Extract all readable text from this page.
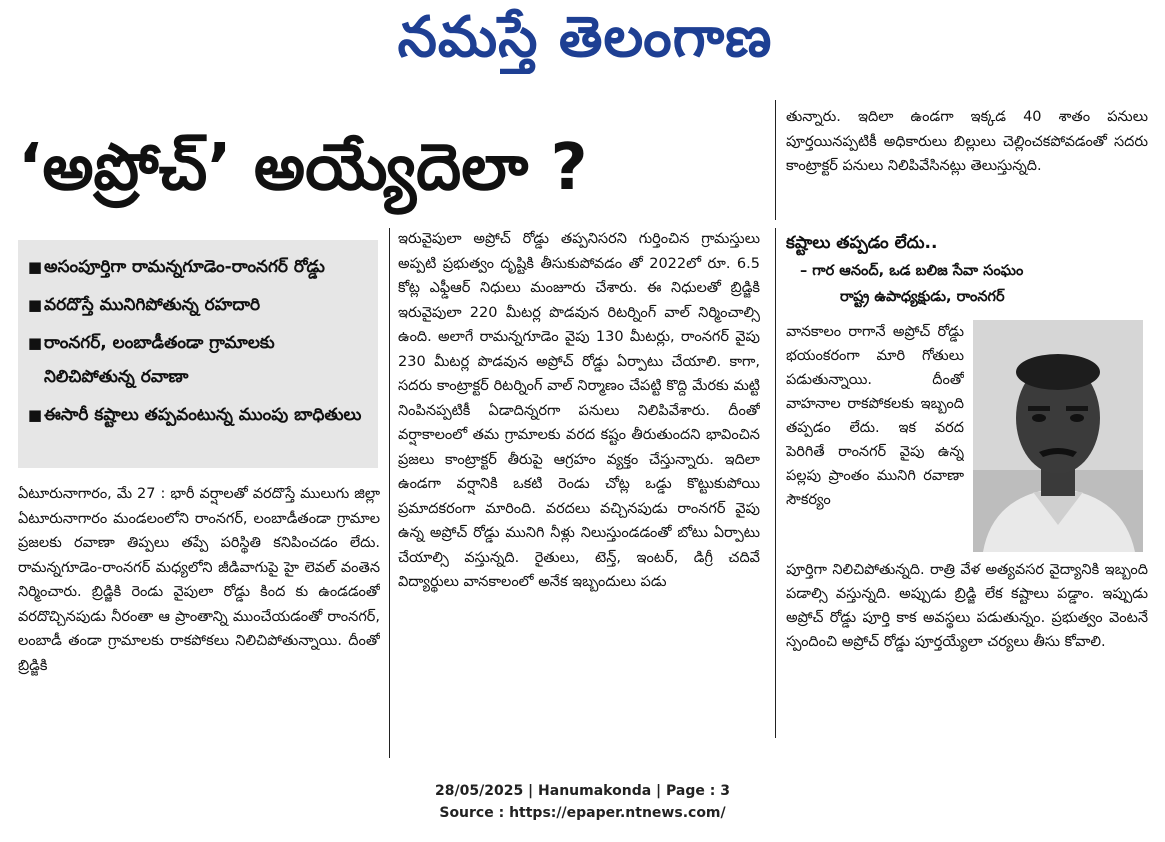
నమస్తే తెలంగాణ
‘అప్రోచ్’ అయ్యేదెలా ?
■ అసంపూర్తిగా రామన్నగూడెం-రాంనగర్ రోడ్డు
■ వరదొస్తే మునిగిపోతున్న రహదారి
■ రాంనగర్, లంబాడీతండా గ్రామాలకు నిలిచిపోతున్న రవాణా
■ ఈసారీ కష్టాలు తప్పవంటున్న ముంపు బాధితులు
ఏటూరునాగారం, మే 27 : భారీ వర్షాలతో వరదొస్తే ములుగు జిల్లా ఏటూరునాగారం మండలంలోని రాంనగర్, లంబాడీతండా గ్రామాల ప్రజలకు రవాణా తిప్పలు తప్పే పరిస్థితి కనిపించడం లేదు. రామన్నగూడెం-రాంనగర్ మధ్యలోని జీడివాగుపై హై లెవల్ వంతెన నిర్మించారు. బ్రిడ్జికి రెండు వైపులా రోడ్డు కింద కు ఉండడంతో వరదొచ్చినపుడు నీరంతా ఆ ప్రాంతాన్ని ముంచేయడంతో రాంనగర్, లంబాడీ తండా గ్రామాలకు రాకపోకలు నిలిచిపోతున్నాయి. దీంతో బ్రిడ్జికి
ఇరువైపులా అప్రోచ్ రోడ్డు తప్పనిసరని గుర్తించిన గ్రామస్తులు అప్పటి ప్రభుత్వం దృష్టికి తీసుకుపోవడం తో 2022లో రూ. 6.5 కోట్ల ఎఫ్డీఆర్ నిధులు మంజూరు చేశారు. ఈ నిధులతో బ్రిడ్జికి ఇరువైపులా 220 మీటర్ల పొడవున రిటర్నింగ్ వాల్ నిర్మించాల్సి ఉంది. అలాగే రామన్నగూడెం వైపు 130 మీటర్లు, రాంనగర్ వైపు 230 మీటర్ల పొడవున అప్రోచ్ రోడ్డు ఏర్పాటు చేయాలి. కాగా, సదరు కాంట్రాక్టర్ రిటర్నింగ్ వాల్ నిర్మాణం చేపట్టి కొద్ది మేరకు మట్టి నింపినప్పటికీ ఏడాదిన్నరగా పనులు నిలిపివేశారు. దీంతో వర్షాకాలంలో తమ గ్రామాలకు వరద కష్టం తీరుతుందని భావించిన ప్రజలు కాంట్రాక్టర్ తీరుపై ఆగ్రహం వ్యక్తం చేస్తున్నారు. ఇదిలా ఉండగా వర్షానికి ఒకటి రెండు చోట్ల ఒడ్డు కొట్టుకుపోయి ప్రమాదకరంగా మారింది. వరదలు వచ్చినపుడు రాంనగర్ వైపు ఉన్న అప్రోచ్ రోడ్డు మునిగి నీళ్లు నిలుస్తుండడంతో బోటు ఏర్పాటు చేయాల్సి వస్తున్నది. రైతులు, టెన్త్, ఇంటర్, డిగ్రీ చదివే విద్యార్థులు వానకాలంలో అనేక ఇబ్బందులు పడు
తున్నారు. ఇదిలా ఉండగా ఇక్కడ 40 శాతం పనులు పూర్తయినప్పటికీ అధికారులు బిల్లులు చెల్లించకపోవడంతో సదరు కాంట్రాక్టర్ పనులు నిలిపివేసినట్లు తెలుస్తున్నది.
కష్టాలు తప్పడం లేదు..
– గార ఆనంద్, ఒడ బలిజ సేవా సంఘం
రాష్ట్ర ఉపాధ్యక్షుడు, రాంనగర్
వానకాలం రాగానే అప్రోచ్ రోడ్డు భయంకరంగా మారి గోతులు పడుతున్నాయి. దీంతో వాహనాల రాకపోకలకు ఇబ్బంది తప్పడం లేదు. ఇక వరద పెరిగితే రాంనగర్ వైపు ఉన్న పల్లపు ప్రాంతం మునిగి రవాణా సౌకర్యం
పూర్తిగా నిలిచిపోతున్నది. రాత్రి వేళ అత్యవసర వైద్యానికి ఇబ్బంది పడాల్సి వస్తున్నది. అప్పుడు బ్రిడ్జి లేక కష్టాలు పడ్డాం. ఇప్పుడు అప్రోచ్ రోడ్డు పూర్తి కాక అవస్థలు పడుతున్నం. ప్రభుత్వం వెంటనే స్పందించి అప్రోచ్ రోడ్డు పూర్తయ్యేలా చర్యలు తీసు కోవాలి.
28/05/2025 | Hanumakonda | Page : 3
Source : https://epaper.ntnews.com/
